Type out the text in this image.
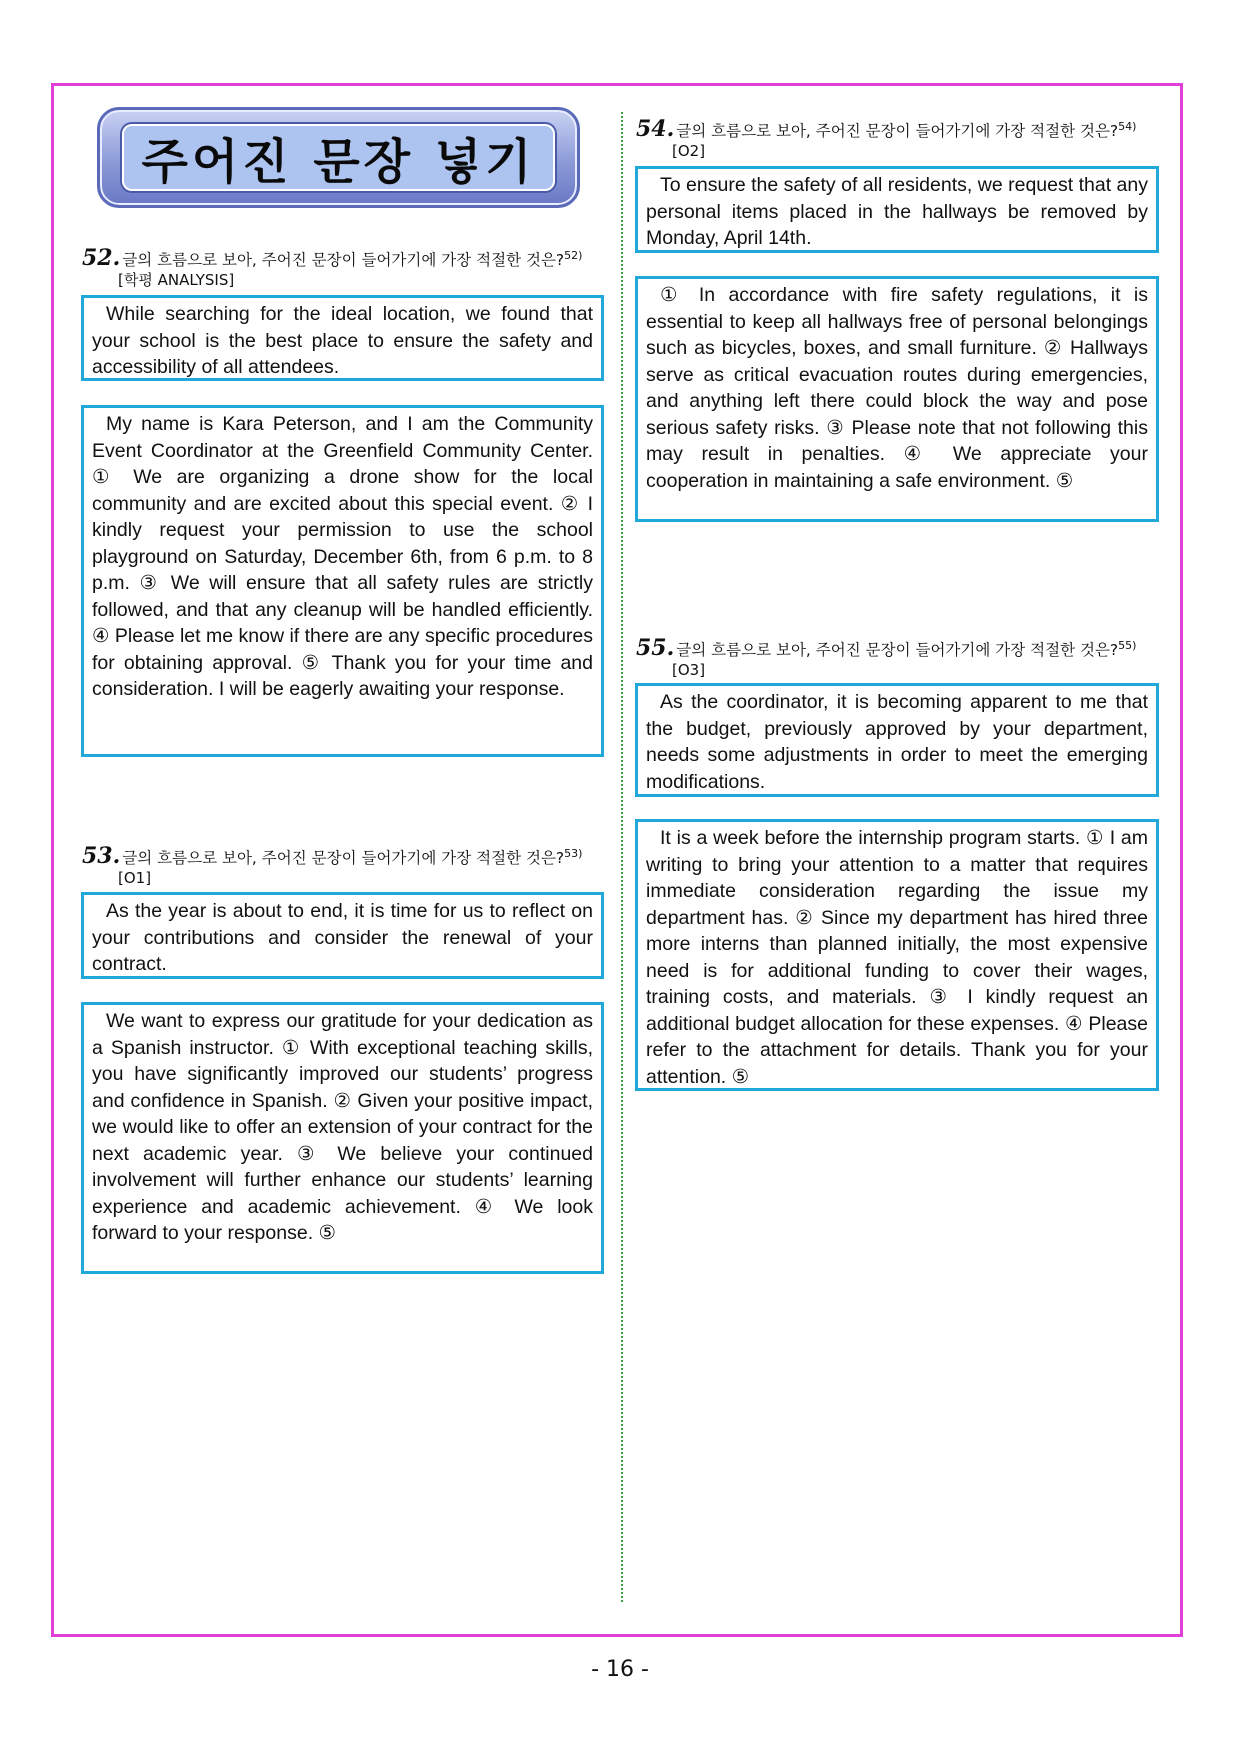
주어진 문장 넣기
52. 글의 흐름으로 보아, 주어진 문장이 들어가기에 가장 적절한 것은?$^{52)}$
[학평 ANALYSIS]

While searching for the ideal location, we found that your school is the best place to ensure the safety and accessibility of all attendees.

My name is Kara Peterson, and I am the Community Event Coordinator at the Greenfield Community Center. ① We are organizing a drone show for the local community and are excited about this special event. ② I kindly request your permission to use the school playground on Saturday, December 6th, from 6 p.m. to 8 p.m. ③ We will ensure that all safety rules are strictly followed, and that any cleanup will be handled efficiently. ④ Please let me know if there are any specific procedures for obtaining approval. ⑤ Thank you for your time and consideration. I will be eagerly awaiting your response.

53. 글의 흐름으로 보아, 주어진 문장이 들어가기에 가장 적절한 것은?$^{53)}$
[O1]

As the year is about to end, it is time for us to reflect on your contributions and consider the renewal of your contract.

We want to express our gratitude for your dedication as a Spanish instructor. ① With exceptional teaching skills, you have significantly improved our students’ progress and confidence in Spanish. ② Given your positive impact, we would like to offer an extension of your contract for the next academic year. ③ We believe your continued involvement will further enhance our students’ learning experience and academic achievement. ④ We look forward to your response. ⑤

54. 글의 흐름으로 보아, 주어진 문장이 들어가기에 가장 적절한 것은?$^{54)}$
[O2]

To ensure the safety of all residents, we request that any personal items placed in the hallways be removed by Monday, April 14th.

① In accordance with fire safety regulations, it is essential to keep all hallways free of personal belongings such as bicycles, boxes, and small furniture. ② Hallways serve as critical evacuation routes during emergencies, and anything left there could block the way and pose serious safety risks. ③ Please note that not following this may result in penalties. ④ We appreciate your cooperation in maintaining a safe environment. ⑤

55. 글의 흐름으로 보아, 주어진 문장이 들어가기에 가장 적절한 것은?$^{55)}$
[O3]

As the coordinator, it is becoming apparent to me that the budget, previously approved by your department, needs some adjustments in order to meet the emerging modifications.

It is a week before the internship program starts. ① I am writing to bring your attention to a matter that requires immediate consideration regarding the issue my department has. ② Since my department has hired three more interns than planned initially, the most expensive need is for additional funding to cover their wages, training costs, and materials. ③ I kindly request an additional budget allocation for these expenses. ④ Please refer to the attachment for details. Thank you for your attention. ⑤

- 16 -
